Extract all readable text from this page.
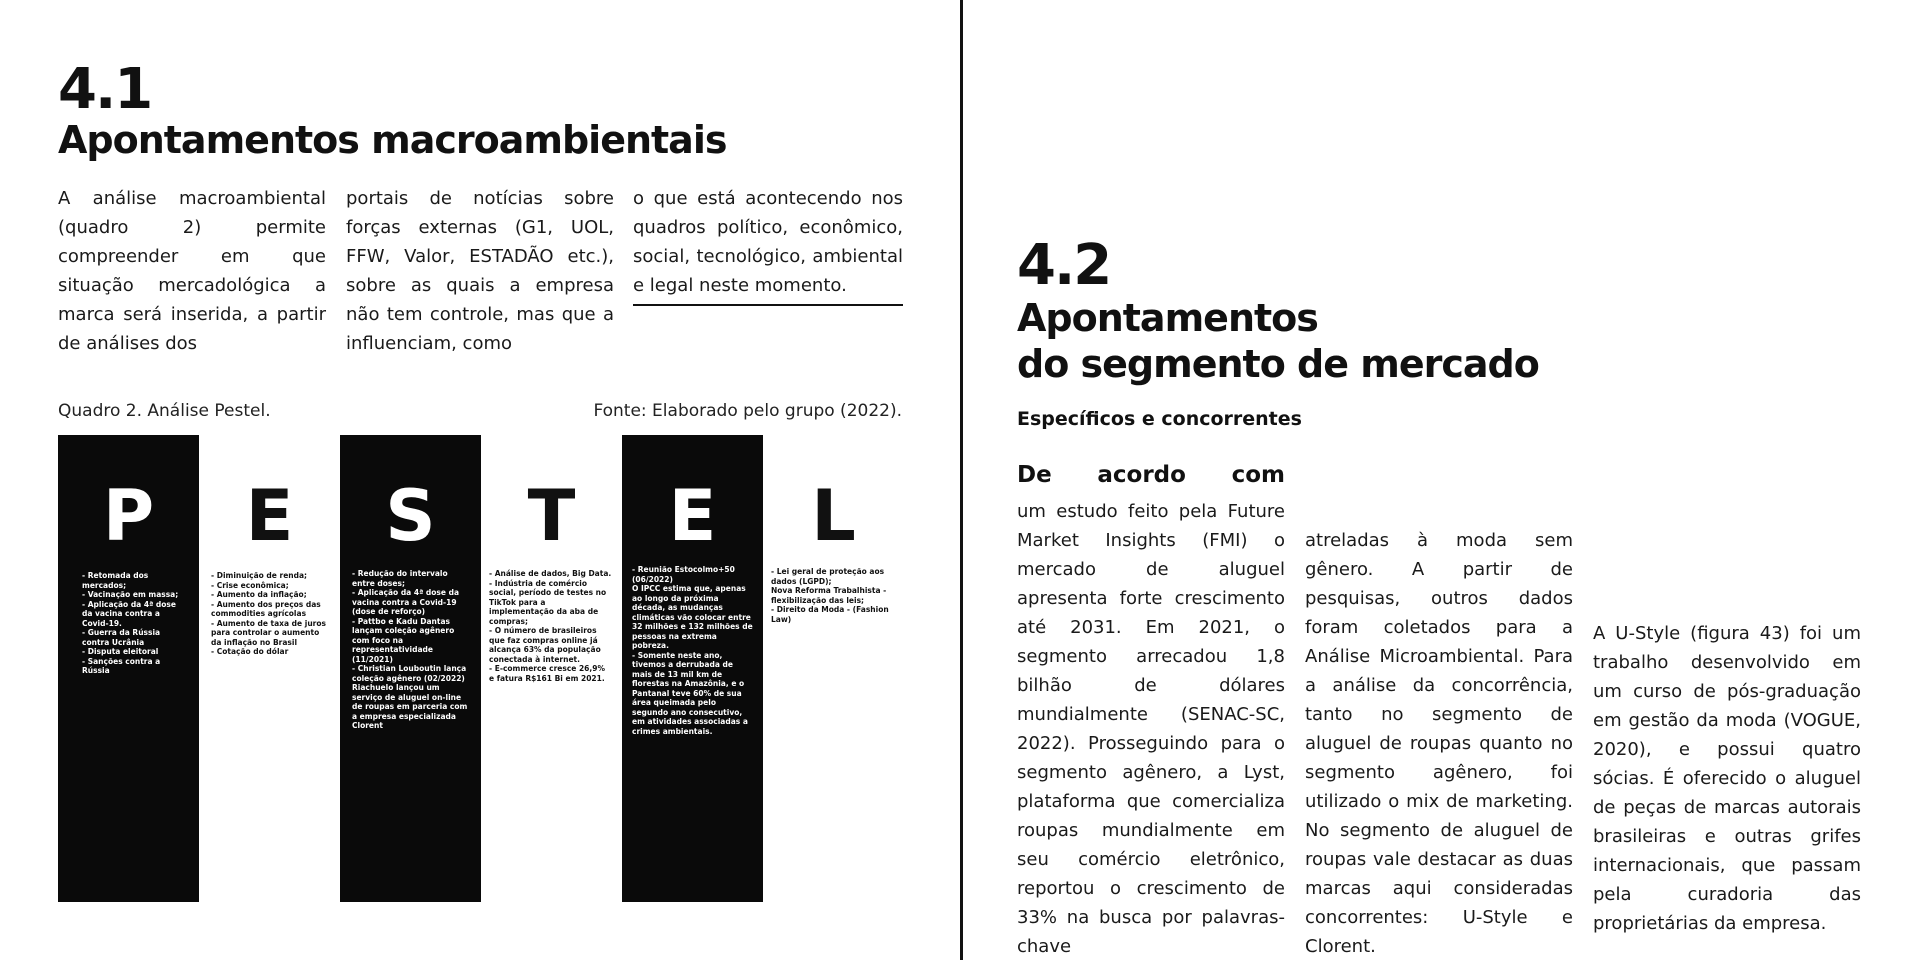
4.1
Apontamentos macroambientais

A análise macroambiental (quadro 2) permite compreender em que situação mercadológica a marca será inserida, a partir de análises dos

portais de notícias sobre forças externas (G1, UOL, FFW, Valor, ESTADÃO etc.), sobre as quais a empresa não tem controle, mas que a influenciam, como

o que está acontecendo nos quadros político, econômico, social, tecnológico, ambiental e legal neste momento.

Quadro 2. Análise Pestel.	Fonte: Elaborado pelo grupo (2022).
P
- Retomada dos mercados;
- Vacinação em massa;
- Aplicação da 4ª dose da vacina contra a Covid-19.
- Guerra da Rússia contra Ucrânia
- Disputa eleitoral
- Sanções contra a Rússia
E
- Diminuição de renda;
- Crise econômica;
- Aumento da inflação;
- Aumento dos preços das commodities agrícolas
- Aumento de taxa de juros para controlar o aumento da inflação no Brasil
- Cotação do dólar
S
- Redução do intervalo entre doses;
- Aplicação da 4ª dose da vacina contra a Covid-19 (dose de reforço)
- Pattbo e Kadu Dantas lançam coleção agênero com foco na representatividade (11/2021)
- Christian Louboutin lança coleção agênero (02/2022)
Riachuelo lançou um serviço de aluguel on-line de roupas em parceria com a empresa especializada Clorent
T
- Análise de dados, Big Data.
- Indústria de comércio social, período de testes no TikTok para a implementação da aba de compras;
- O número de brasileiros que faz compras online já alcança 63% da população conectada à internet.
- E-commerce cresce 26,9% e fatura R$161 Bi em 2021.
E
- Reunião Estocolmo+50 (06/2022)
O IPCC estima que, apenas ao longo da próxima década, as mudanças climáticas vão colocar entre 32 milhões e 132 milhões de pessoas na extrema pobreza.
- Somente neste ano, tivemos a derrubada de mais de 13 mil km de florestas na Amazônia, e o Pantanal teve 60% de sua área queimada pelo segundo ano consecutivo, em atividades associadas a crimes ambientais.
L
- Lei geral de proteção aos dados (LGPD);
Nova Reforma Trabalhista - flexibilização das leis;
- Direito da Moda - (Fashion Law)
4.2
Apontamentos
do segmento de mercado
Específicos e concorrentes

De acordo com

um estudo feito pela Future Market Insights (FMI) o mercado de aluguel apresenta forte crescimento até 2031. Em 2021, o segmento arrecadou 1,8 bilhão de dólares mundialmente (SENAC-SC, 2022). Prosseguindo para o segmento agênero, a Lyst, plataforma que comercializa roupas mundialmente em seu comércio eletrônico, reportou o crescimento de 33% na busca por palavras-chave

atreladas à moda sem gênero. A partir de pesquisas, outros dados foram coletados para a Análise Microambiental. Para a análise da concorrência, tanto no segmento de aluguel de roupas quanto no segmento agênero, foi utilizado o mix de marketing. No segmento de aluguel de roupas vale destacar as duas marcas aqui consideradas concorrentes: U-Style e Clorent.

A U-Style (figura 43) foi um trabalho desenvolvido em um curso de pós-graduação em gestão da moda (VOGUE, 2020), e possui quatro sócias. É oferecido o aluguel de peças de marcas autorais brasileiras e outras grifes internacionais, que passam pela curadoria das proprietárias da empresa.
